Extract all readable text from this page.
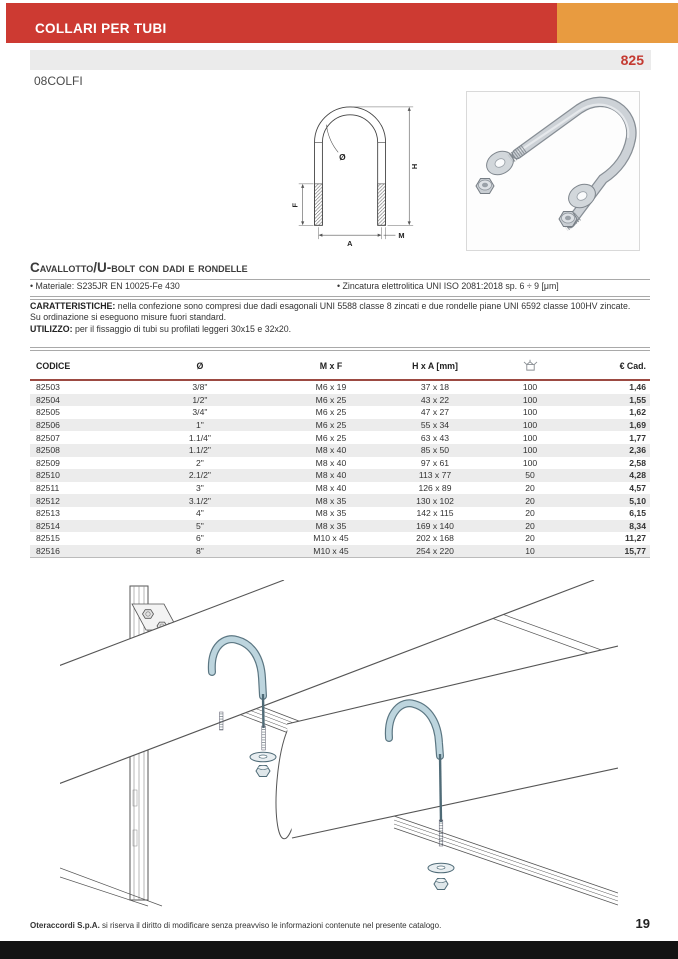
COLLARI PER TUBI
825
08COLFI
F
H
A
M
Ø
Cavallotto/U-bolt con dadi e rondelle
• Materiale: S235JR EN 10025-Fe 430	• Zincatura elettrolitica UNI ISO 2081:2018 sp. 6 ÷ 9 [μm]
CARATTERISTICHE: nella confezione sono compresi due dadi esagonali UNI 5588 classe 8 zincati e due rondelle piane UNI 6592 classe 100HV zincate.
Su ordinazione si eseguono misure fuori standard.
UTILIZZO: per il fissaggio di tubi su profilati leggeri 30x15 e 32x20.
CODICE	Ø	M x F	H x A [mm]		€ Cad.
82503	3/8"	M6 x 19	37 x 18	100	1,46
82504	1/2"	M6 x 25	43 x 22	100	1,55
82505	3/4"	M6 x 25	47 x 27	100	1,62
82506	1"	M6 x 25	55 x 34	100	1,69
82507	1.1/4"	M6 x 25	63 x 43	100	1,77
82508	1.1/2"	M8 x 40	85 x 50	100	2,36
82509	2"	M8 x 40	97 x 61	100	2,58
82510	2.1/2"	M8 x 40	113 x 77	50	4,28
82511	3"	M8 x 40	126 x 89	20	4,57
82512	3.1/2"	M8 x 35	130 x 102	20	5,10
82513	4"	M8 x 35	142 x 115	20	6,15
82514	5"	M8 x 35	169 x 140	20	8,34
82515	6"	M10 x 45	202 x 168	20	11,27
82516	8"	M10 x 45	254 x 220	10	15,77
Oteraccordi S.p.A. si riserva il diritto di modificare senza preavviso le informazioni contenute nel presente catalogo.	19
